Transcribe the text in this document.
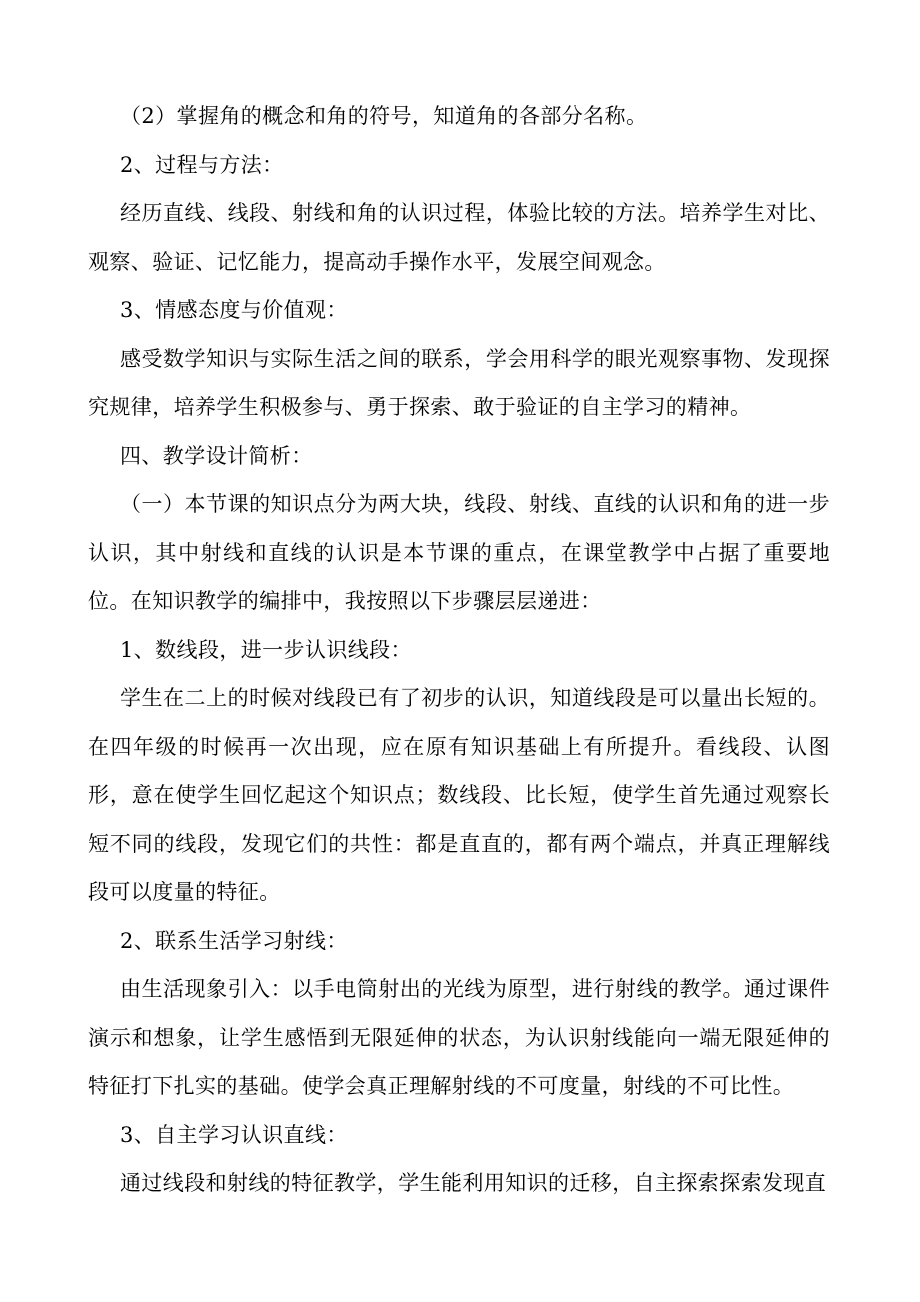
（2）掌握角的概念和角的符号，知道角的各部分名称。

2、过程与方法：

经历直线、线段、射线和角的认识过程，体验比较的方法。培养学生对比、观察、验证、记忆能力，提高动手操作水平，发展空间观念。

3、情感态度与价值观：

感受数学知识与实际生活之间的联系，学会用科学的眼光观察事物、发现探究规律，培养学生积极参与、勇于探索、敢于验证的自主学习的精神。

四、教学设计简析：

（一）本节课的知识点分为两大块，线段、射线、直线的认识和角的进一步认识，其中射线和直线的认识是本节课的重点，在课堂教学中占据了重要地位。在知识教学的编排中，我按照以下步骤层层递进：

1、数线段，进一步认识线段：

学生在二上的时候对线段已有了初步的认识，知道线段是可以量出长短的。在四年级的时候再一次出现，应在原有知识基础上有所提升。看线段、认图形，意在使学生回忆起这个知识点；数线段、比长短，使学生首先通过观察长短不同的线段，发现它们的共性：都是直直的，都有两个端点，并真正理解线段可以度量的特征。

2、联系生活学习射线：

由生活现象引入：以手电筒射出的光线为原型，进行射线的教学。通过课件演示和想象，让学生感悟到无限延伸的状态，为认识射线能向一端无限延伸的特征打下扎实的基础。使学会真正理解射线的不可度量，射线的不可比性。

3、自主学习认识直线：

通过线段和射线的特征教学，学生能利用知识的迁移，自主探索探索发现直
